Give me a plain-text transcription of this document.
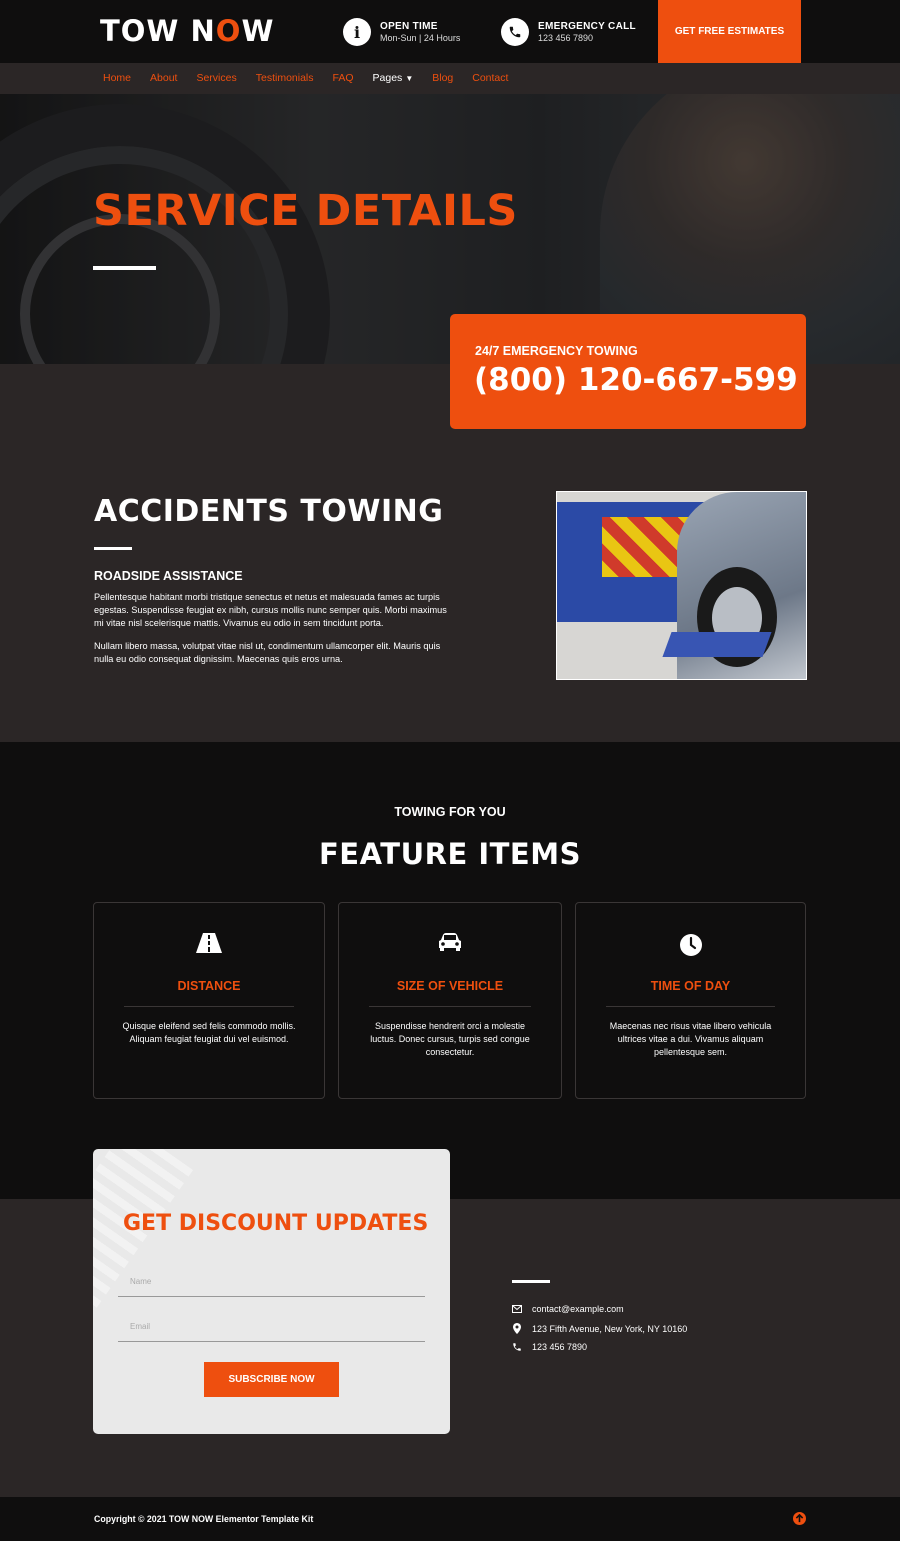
TOW NOW	i	OPEN TIME
Mon-Sun | 24 Hours
EMERGENCY CALL
123 456 7890
GET FREE ESTIMATES
Home About Services Testimonials FAQ Pages ▼ Blog Contact
SERVICE DETAILS
24/7 EMERGENCY TOWING
(800) 120-667-599
ACCIDENTS TOWING
ROADSIDE ASSISTANCE
Pellentesque habitant morbi tristique senectus et netus et malesuada fames ac turpis egestas. Suspendisse feugiat ex nibh, cursus mollis nunc semper quis. Morbi maximus mi vitae nisl scelerisque mattis. Vivamus eu odio in sem tincidunt porta.
Nullam libero massa, volutpat vitae nisl ut, condimentum ullamcorper elit. Mauris quis nulla eu odio consequat dignissim. Maecenas quis eros urna.
TOWING FOR YOU
FEATURE ITEMS
DISTANCE
Quisque eleifend sed felis commodo mollis. Aliquam feugiat feugiat dui vel euismod.
SIZE OF VEHICLE
Suspendisse hendrerit orci a molestie luctus. Donec cursus, turpis sed congue consectetur.
TIME OF DAY
Maecenas nec risus vitae libero vehicula ultrices vitae a dui. Vivamus aliquam pellentesque sem.
GET DISCOUNT UPDATES
Name
Email
SUBSCRIBE NOW
contact@example.com
123 Fifth Avenue, New York, NY 10160
123 456 7890
Copyright © 2021 TOW NOW Elementor Template Kit
